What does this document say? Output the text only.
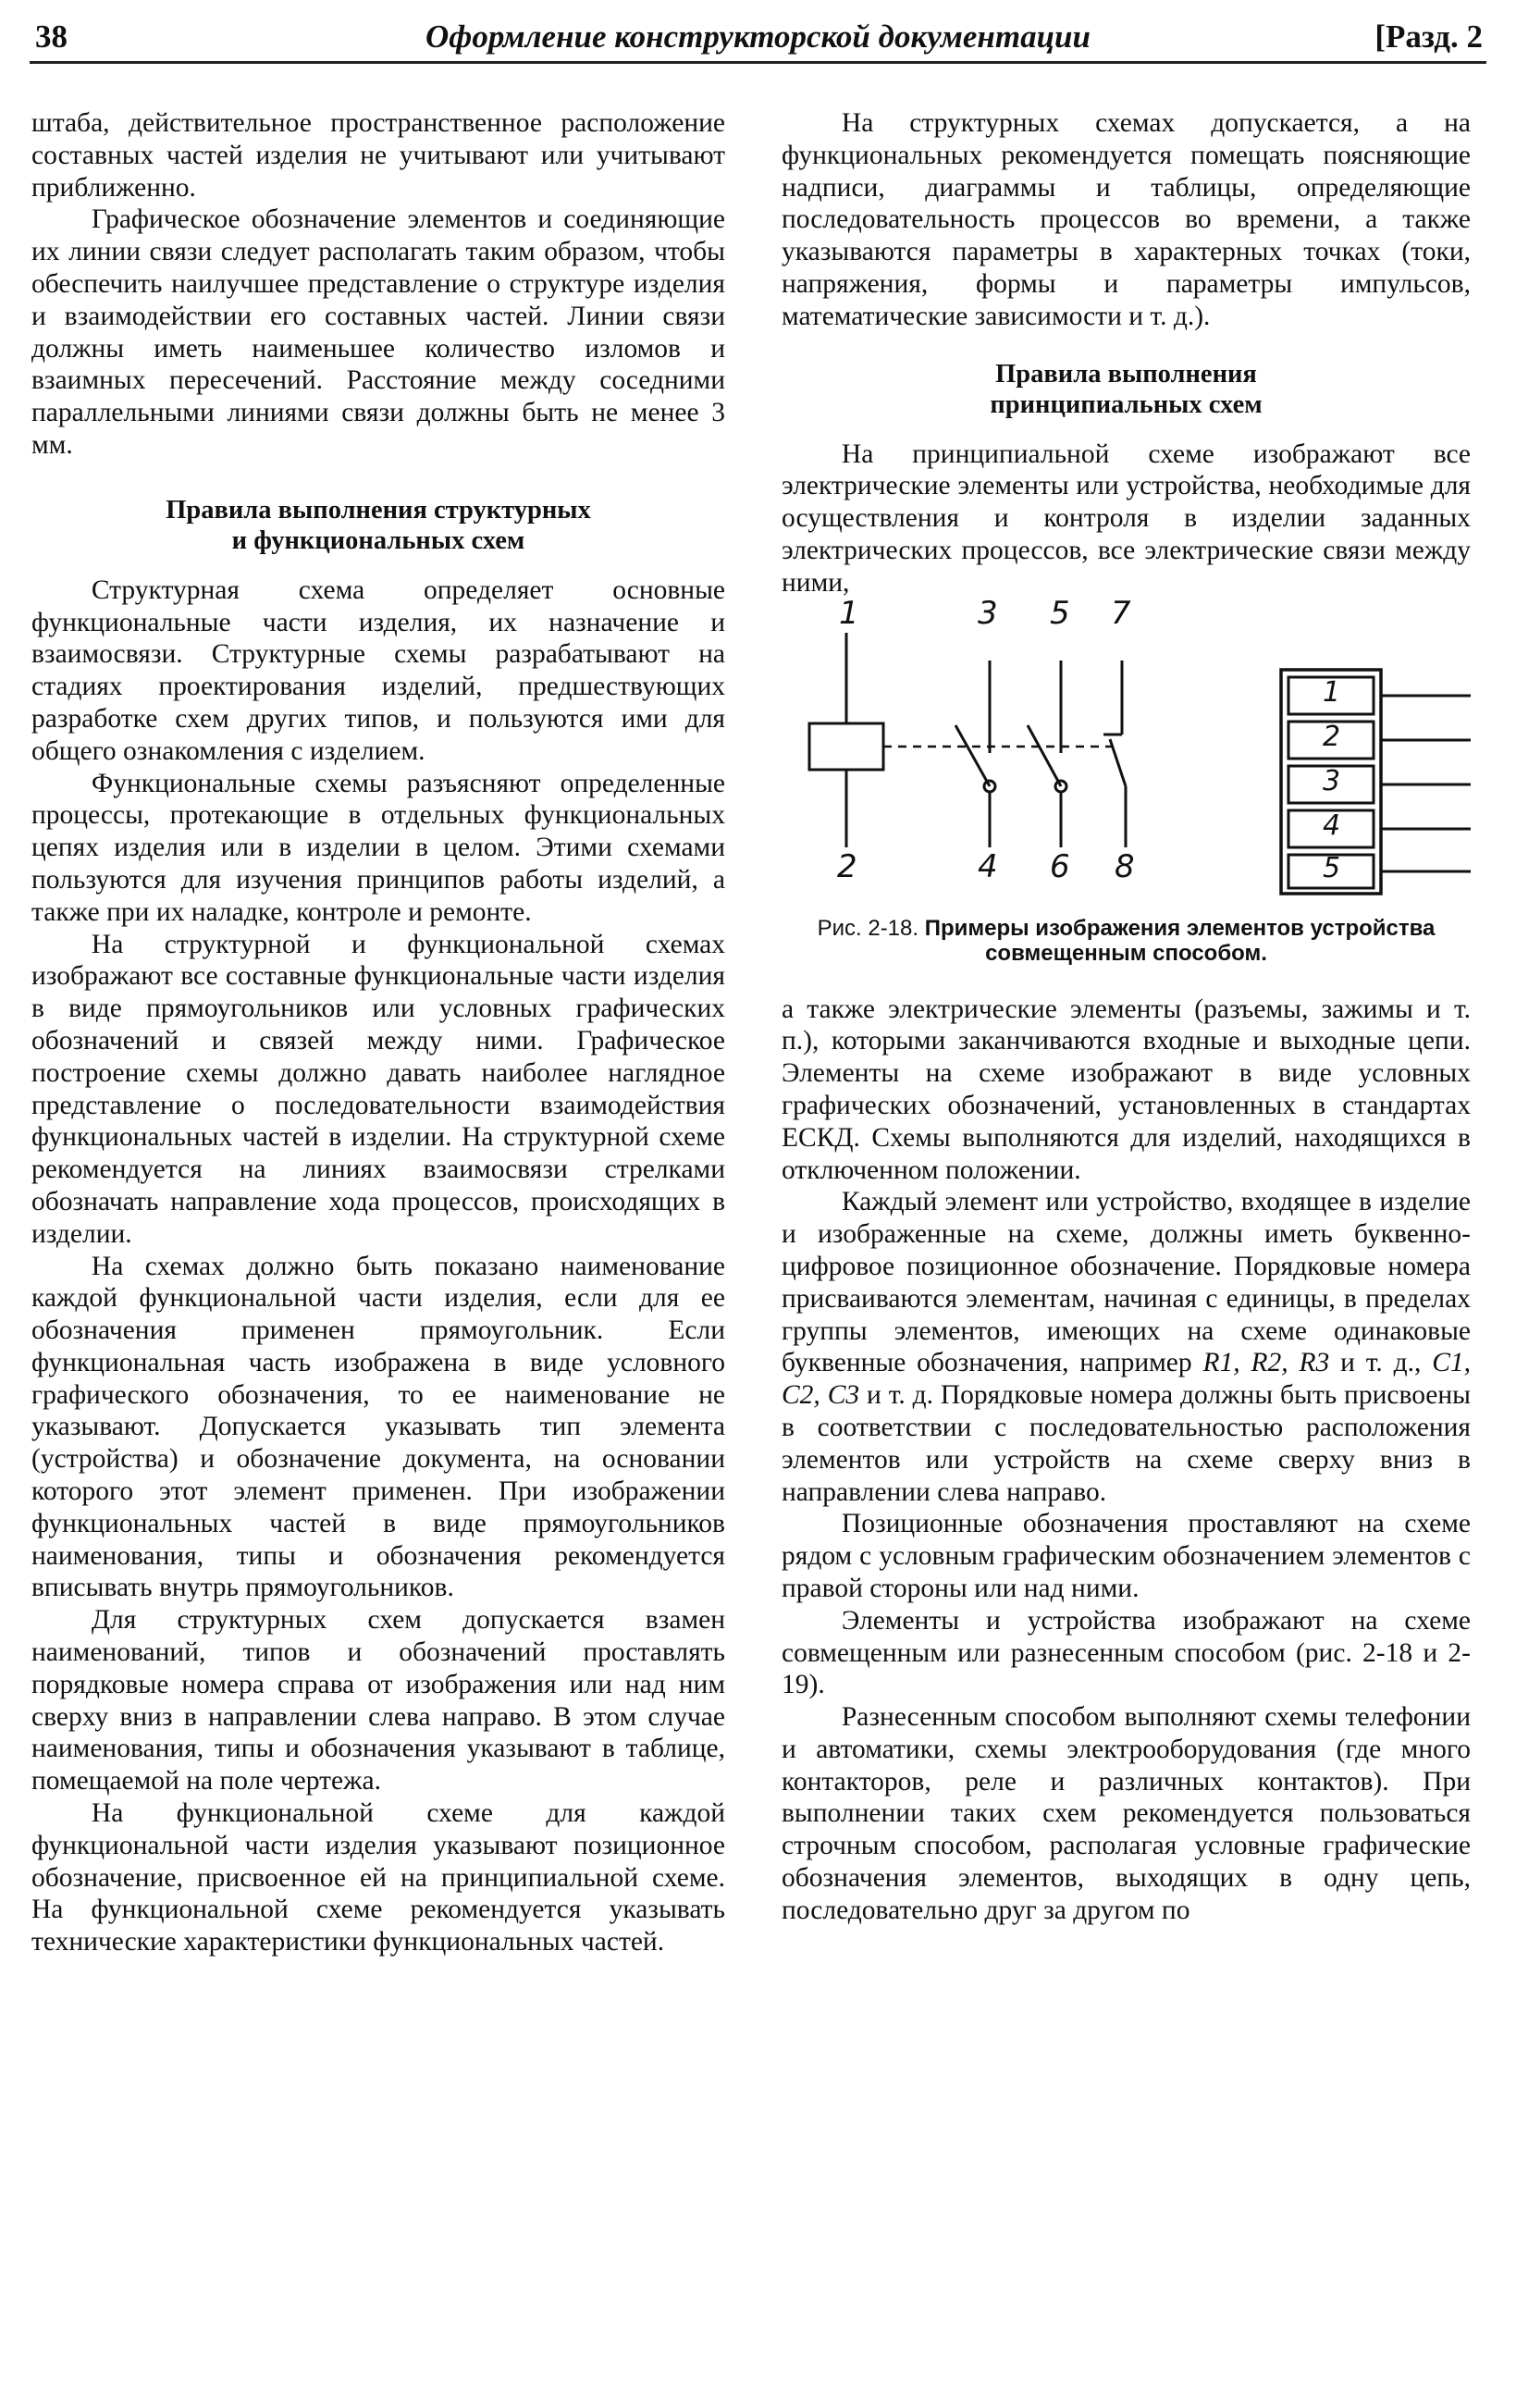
38	Оформление конструкторской документации	[Разд. 2

штаба, действительное пространственное расположение составных частей изделия не учитывают или учитывают приближенно.

Графическое обозначение элементов и соединяющие их линии связи следует располагать таким образом, чтобы обеспечить наилучшее представление о структуре изделия и взаимодействии его составных частей. Линии связи должны иметь наименьшее количество изломов и взаимных пересечений. Расстояние между соседними параллельными линиями связи должны быть не менее 3 мм.

Правила выполнения структурных
и функциональных схем

Структурная схема определяет основные функциональные части изделия, их назначение и взаимосвязи. Структурные схемы разрабатывают на стадиях проектирования изделий, предшествующих разработке схем других типов, и пользуются ими для общего ознакомления с изделием.

Функциональные схемы разъясняют определенные процессы, протекающие в отдельных функциональных цепях изделия или в изделии в целом. Этими схемами пользуются для изучения принципов работы изделий, а также при их наладке, контроле и ремонте.

На структурной и функциональной схемах изображают все составные функциональные части изделия в виде прямоугольников или условных графических обозначений и связей между ними. Графическое построение схемы должно давать наиболее наглядное представление о последовательности взаимодействия функциональных частей в изделии. На структурной схеме рекомендуется на линиях взаимосвязи стрелками обозначать направление хода процессов, происходящих в изделии.

На схемах должно быть показано наименование каждой функциональной части изделия, если для ее обозначения применен прямоугольник. Если функциональная часть изображена в виде условного графического обозначения, то ее наименование не указывают. Допускается указывать тип элемента (устройства) и обозначение документа, на основании которого этот элемент применен. При изображении функциональных частей в виде прямоугольников наименования, типы и обозначения рекомендуется вписывать внутрь прямоугольников.

Для структурных схем допускается взамен наименований, типов и обозначений проставлять порядковые номера справа от изображения или над ним сверху вниз в направлении слева направо. В этом случае наименования, типы и обозначения указывают в таблице, помещаемой на поле чертежа.

На функциональной схеме для каждой функциональной части изделия указывают позиционное обозначение, присвоенное ей на принципиальной схеме. На функциональной схеме рекомендуется указывать технические характеристики функциональных частей.

На структурных схемах допускается, а на функциональных рекомендуется помещать поясняющие надписи, диаграммы и таблицы, определяющие последовательность процессов во времени, а также указываются параметры в характерных точках (токи, напряжения, формы и параметры импульсов, математические зависимости и т. д.).

Правила выполнения
принципиальных схем

На принципиальной схеме изображают все электрические элементы или устройства, необходимые для осуществления и контроля в изделии заданных электрических процессов, все электрические связи между ними,

1	3 5 7
2	4 6 8
1
2
3
4
5
Рис. 2-18. Примеры изображения элементов устройства совмещенным способом.

а также электрические элементы (разъемы, зажимы и т. п.), которыми заканчиваются входные и выходные цепи. Элементы на схеме изображают в виде условных графических обозначений, установленных в стандартах ЕСКД. Схемы выполняются для изделий, находящихся в отключенном положении.

Каждый элемент или устройство, входящее в изделие и изображенные на схеме, должны иметь буквенно-цифровое позиционное обозначение. Порядковые номера присваиваются элементам, начиная с единицы, в пределах группы элементов, имеющих на схеме одинаковые буквенные обозначения, например R1, R2, R3 и т. д., C1, C2, C3 и т. д. Порядковые номера должны быть присвоены в соответствии с последовательностью расположения элементов или устройств на схеме сверху вниз в направлении слева направо.

Позиционные обозначения проставляют на схеме рядом с условным графическим обозначением элементов с правой стороны или над ними.

Элементы и устройства изображают на схеме совмещенным или разнесенным способом (рис. 2-18 и 2-19).

Разнесенным способом выполняют схемы телефонии и автоматики, схемы электрооборудования (где много контакторов, реле и различных контактов). При выполнении таких схем рекомендуется пользоваться строчным способом, располагая условные графические обозначения элементов, выходящих в одну цепь, последовательно друг за другом по
